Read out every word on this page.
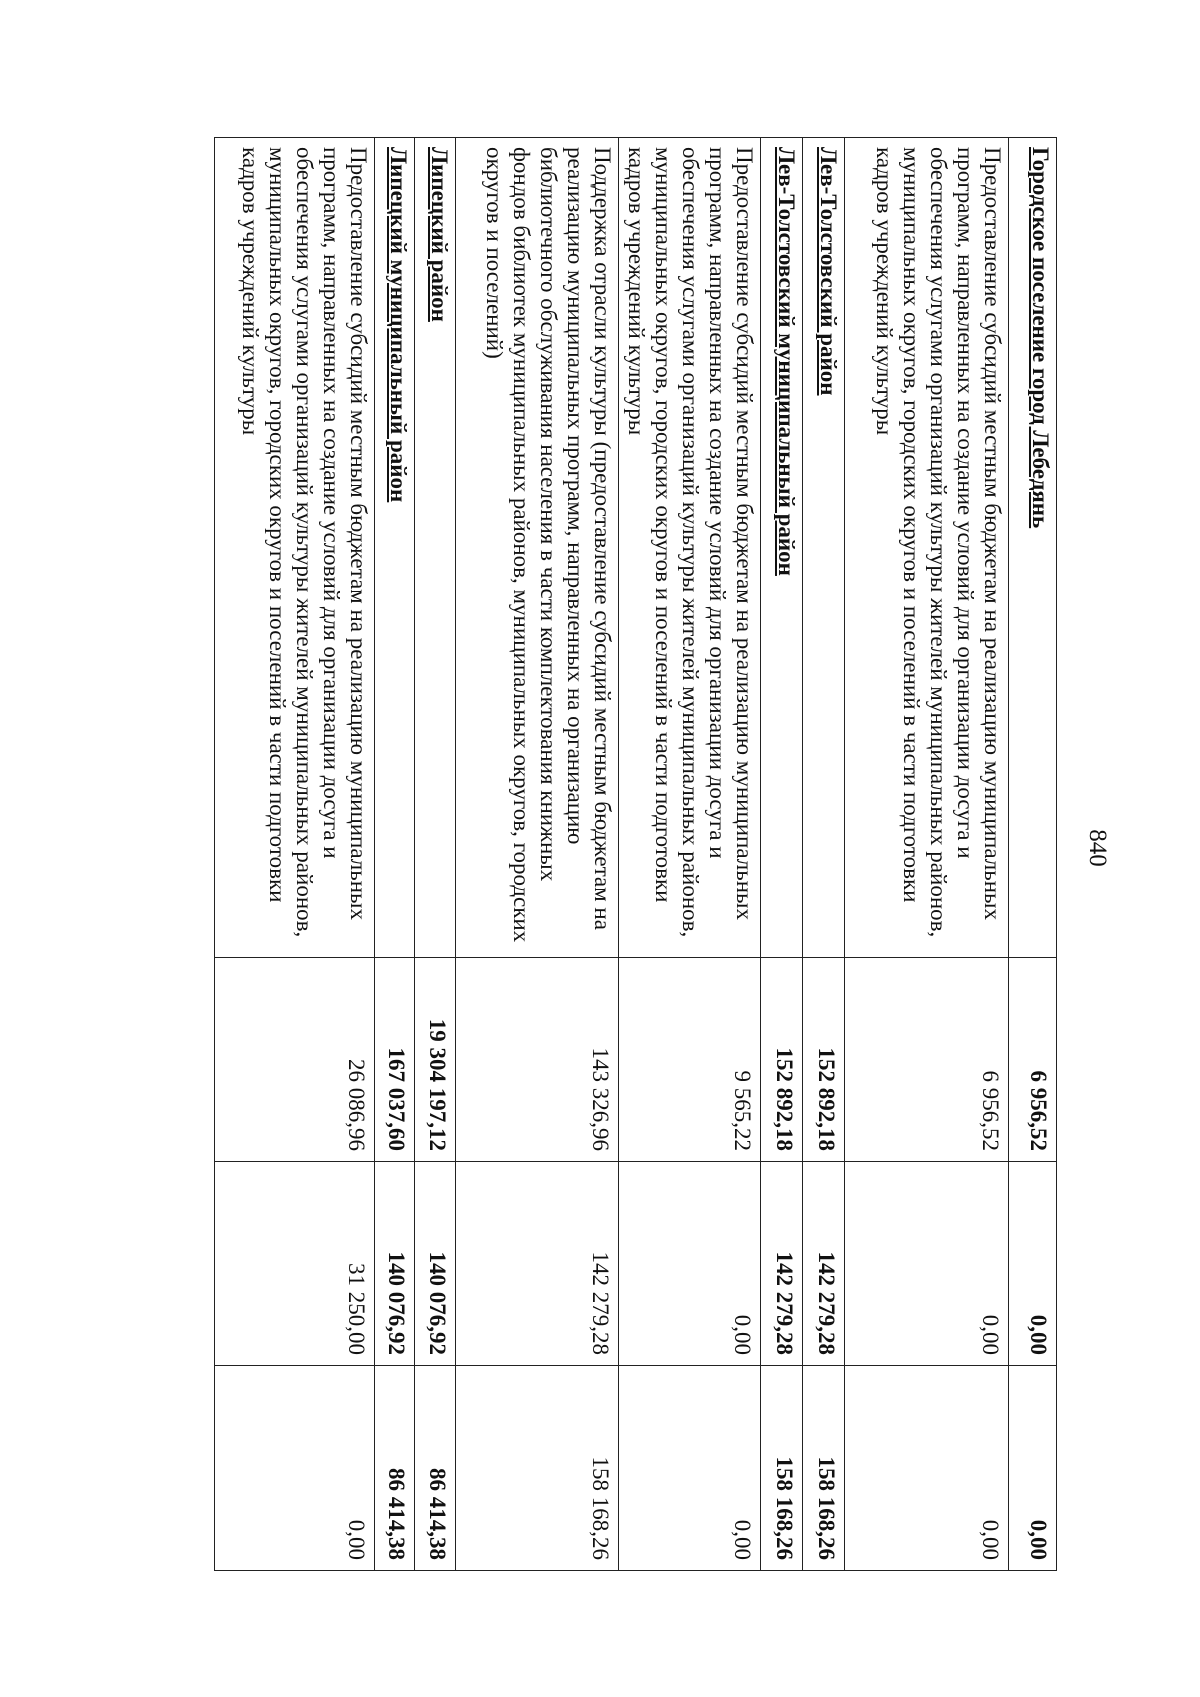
840
Городское поселение город Лебедянь	6 956,52	0,00	0,00
Предоставление субсидий местным бюджетам на реализацию муниципальных программ, направленных на создание условий для организации досуга и обеспечения услугами организаций культуры жителей муниципальных районов, муниципальных округов, городских округов и поселений в части подготовки кадров учреждений культуры	6 956,52	0,00	0,00
Лев-Толстовский район	152 892,18	142 279,28	158 168,26
Лев-Толстовский муниципальный район	152 892,18	142 279,28	158 168,26
Предоставление субсидий местным бюджетам на реализацию муниципальных программ, направленных на создание условий для организации досуга и обеспечения услугами организаций культуры жителей муниципальных районов, муниципальных округов, городских округов и поселений в части подготовки кадров учреждений культуры	9 565,22	0,00	0,00
Поддержка отрасли культуры (предоставление субсидий местным бюджетам на реализацию муниципальных программ, направленных на организацию библиотечного обслуживания населения в части комплектования книжных фондов библиотек муниципальных районов, муниципальных округов, городских округов и поселений)	143 326,96	142 279,28	158 168,26
Липецкий район	19 304 197,12	140 076,92	86 414,38
Липецкий муниципальный район	167 037,60	140 076,92	86 414,38
Предоставление субсидий местным бюджетам на реализацию муниципальных программ, направленных на создание условий для организации досуга и обеспечения услугами организаций культуры жителей муниципальных районов, муниципальных округов, городских округов и поселений в части подготовки кадров учреждений культуры	26 086,96	31 250,00	0,00
